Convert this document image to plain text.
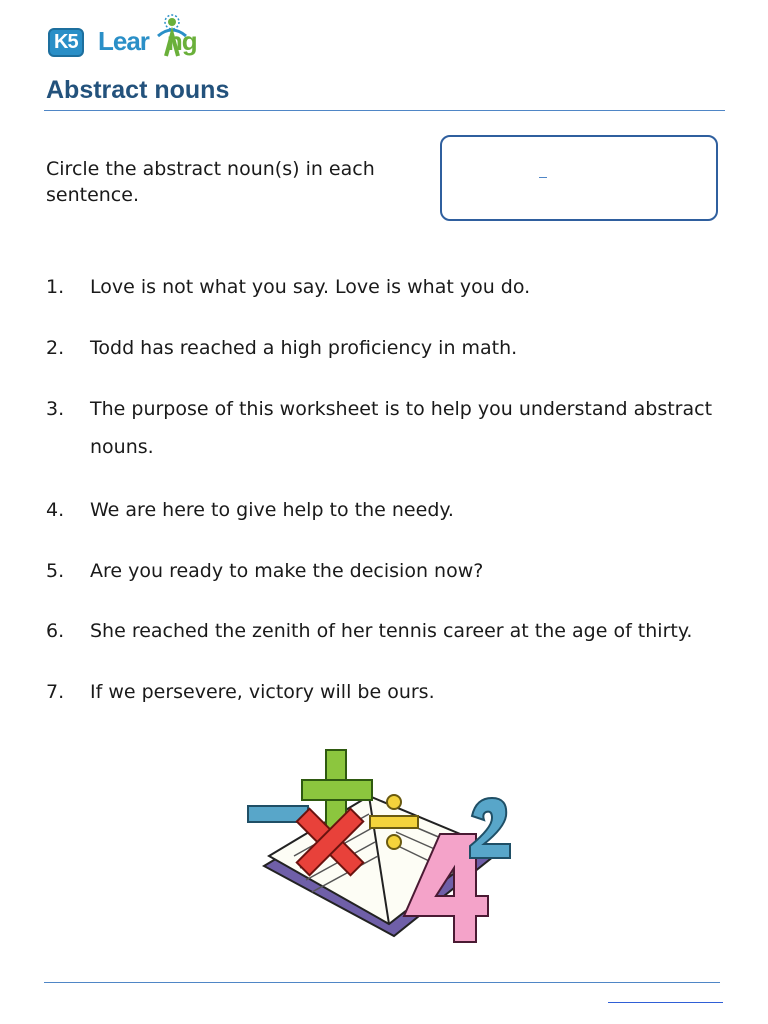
K5 Lear ng
Abstract nouns
Circle the abstract noun(s) in each sentence.
1. Love is not what you say. Love is what you do.
2. Todd has reached a high proficiency in math.
3. The purpose of this worksheet is to help you understand abstract nouns.
4. We are here to give help to the needy.
5. Are you ready to make the decision now?
6. She reached the zenith of her tennis career at the age of thirty.
7. If we persevere, victory will be ours.
